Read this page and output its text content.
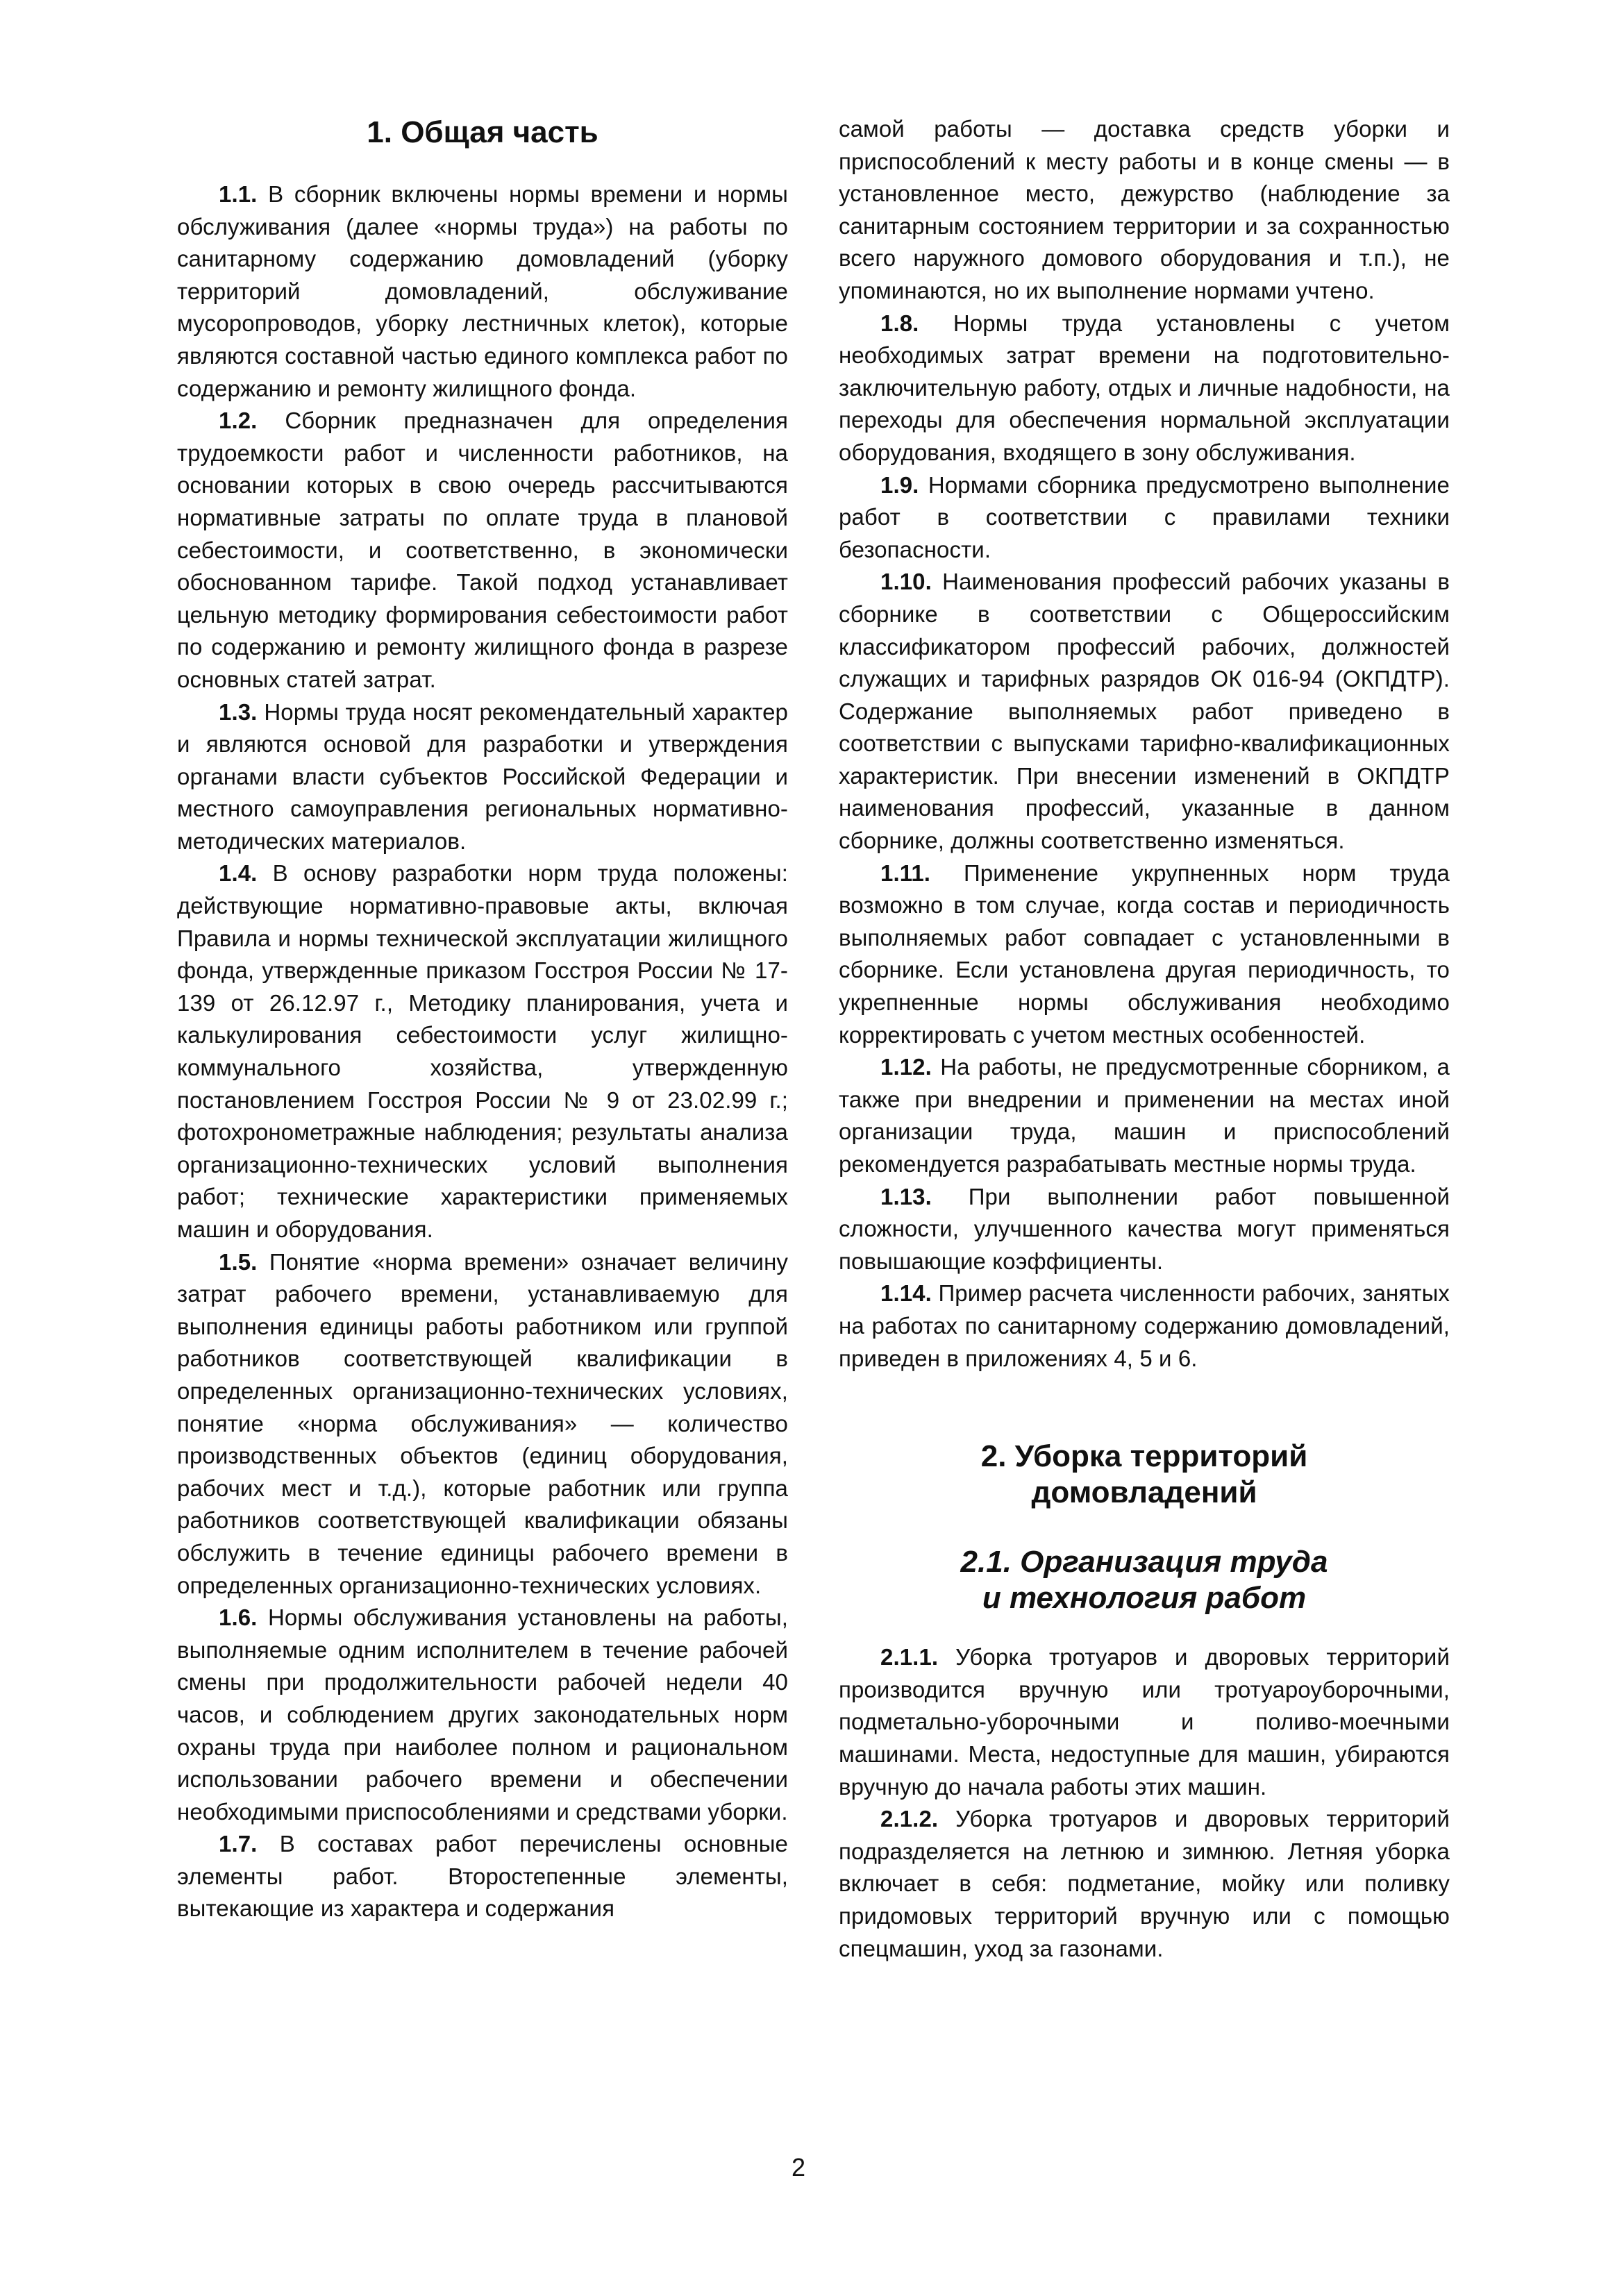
1. Общая часть

1.1. В сборник включены нормы времени и нормы обслуживания (далее «нормы труда») на работы по санитарному содержанию домовладений (уборку территорий домовладений, обслуживание мусоропроводов, уборку лестничных клеток), которые являются составной частью единого комплекса работ по содержанию и ремонту жилищного фонда.

1.2. Сборник предназначен для определения трудоемкости работ и численности работников, на основании которых в свою очередь рассчитываются нормативные затраты по оплате труда в плановой себестоимости, и соответственно, в экономически обоснованном тарифе. Такой подход устанавливает цельную методику формирования себестоимости работ по содержанию и ремонту жилищного фонда в разрезе основных статей затрат.

1.3. Нормы труда носят рекомендательный характер и являются основой для разработки и утверждения органами власти субъектов Российской Федерации и местного самоуправления региональных нормативно-методических материалов.

1.4. В основу разработки норм труда положены: действующие нормативно-правовые акты, включая Правила и нормы технической эксплуатации жилищного фонда, утвержденные приказом Госстроя России № 17-139 от 26.12.97 г., Методику планирования, учета и калькулирования себестоимости услуг жилищно-коммунального хозяйства, утвержденную постановлением Госстроя России № 9 от 23.02.99 г.; фотохронометражные наблюдения; результаты анализа организационно-технических условий выполнения работ; технические характеристики применяемых машин и оборудования.

1.5. Понятие «норма времени» означает величину затрат рабочего времени, устанавливаемую для выполнения единицы работы работником или группой работников соответствующей квалификации в определенных организационно-технических условиях, понятие «норма обслуживания» — количество производственных объектов (единиц оборудования, рабочих мест и т.д.), которые работник или группа работников соответствующей квалификации обязаны обслужить в течение единицы рабочего времени в определенных организационно-технических условиях.

1.6. Нормы обслуживания установлены на работы, выполняемые одним исполнителем в течение рабочей смены при продолжительности рабочей недели 40 часов, и соблюдением других законодательных норм охраны труда при наиболее полном и рациональном использовании рабочего времени и обеспечении необходимыми приспособлениями и средствами уборки.

1.7. В составах работ перечислены основные элементы работ. Второстепенные элементы, вытекающие из характера и содержания

самой работы — доставка средств уборки и приспособлений к месту работы и в конце смены — в установленное место, дежурство (наблюдение за санитарным состоянием территории и за сохранностью всего наружного домового оборудования и т.п.), не упоминаются, но их выполнение нормами учтено.

1.8. Нормы труда установлены с учетом необходимых затрат времени на подготовительно-заключительную работу, отдых и личные надобности, на переходы для обеспечения нормальной эксплуатации оборудования, входящего в зону обслуживания.

1.9. Нормами сборника предусмотрено выполнение работ в соответствии с правилами техники безопасности.

1.10. Наименования профессий рабочих указаны в сборнике в соответствии с Общероссийским классификатором профессий рабочих, должностей служащих и тарифных разрядов ОК 016-94 (ОКПДТР). Содержание выполняемых работ приведено в соответствии с выпусками тарифно-квалификационных характеристик. При внесении изменений в ОКПДТР наименования профессий, указанные в данном сборнике, должны соответственно изменяться.

1.11. Применение укрупненных норм труда возможно в том случае, когда состав и периодичность выполняемых работ совпадает с установленными в сборнике. Если установлена другая периодичность, то укрепненные нормы обслуживания необходимо корректировать с учетом местных особенностей.

1.12. На работы, не предусмотренные сборником, а также при внедрении и применении на местах иной организации труда, машин и приспособлений рекомендуется разрабатывать местные нормы труда.

1.13. При выполнении работ повышенной сложности, улучшенного качества могут применяться повышающие коэффициенты.

1.14. Пример расчета численности рабочих, занятых на работах по санитарному содержанию домовладений, приведен в приложениях 4, 5 и 6.

2. Уборка территорий
домовладений
2.1. Организация труда
и технология работ

2.1.1. Уборка тротуаров и дворовых территорий производится вручную или тротуароуборочными, подметально-уборочными и поливо-моечными машинами. Места, недоступные для машин, убираются вручную до начала работы этих машин.

2.1.2. Уборка тротуаров и дворовых территорий подразделяется на летнюю и зимнюю. Летняя уборка включает в себя: подметание, мойку или поливку придомовых территорий вручную или с помощью спецмашин, уход за газонами.

2
